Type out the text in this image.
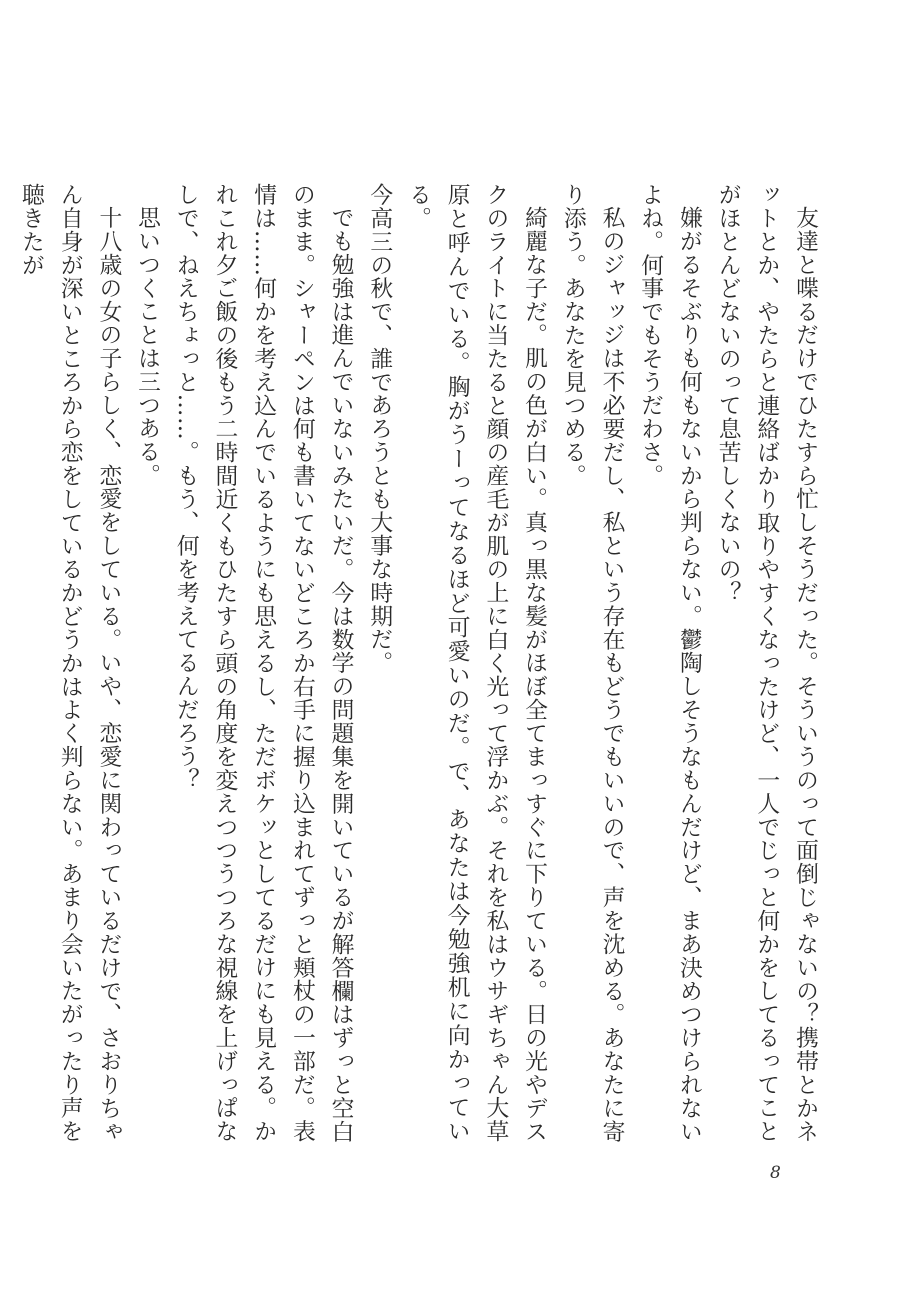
友達と喋るだけでひたすら忙しそうだった。そういうのって面倒じゃないの？携帯とかネットとか、やたらと連絡ばかり取りやすくなったけど、一人でじっと何かをしてるってことがほとんどないのって息苦しくないの？

嫌がるそぶりも何もないから判らない。鬱陶しそうなもんだけど、まあ決めつけられないよね。何事でもそうだわさ。

私のジャッジは不必要だし、私という存在もどうでもいいので、声を沈める。あなたに寄り添う。あなたを見つめる。

綺麗な子だ。肌の色が白い。真っ黒な髪がほぼ全てまっすぐに下りている。日の光やデスクのライトに当たると顔の産毛が肌の上に白く光って浮かぶ。それを私はウサギちゃん大草原と呼んでいる。胸がうーってなるほど可愛いのだ。で、あなたは今勉強机に向かっている。

今高三の秋で、誰であろうとも大事な時期だ。

でも勉強は進んでいないみたいだ。今は数学の問題集を開いているが解答欄はずっと空白のまま。シャーペンは何も書いてないどころか右手に握り込まれてずっと頬杖の一部だ。表情は……何かを考え込んでいるようにも思えるし、ただボケッとしてるだけにも見える。かれこれ夕ご飯の後もう二時間近くもひたすら頭の角度を変えつつうつろな視線を上げっぱなしで、ねえちょっと……。もう、何を考えてるんだろう？

思いつくことは三つある。

十八歳の女の子らしく、恋愛をしている。いや、恋愛に関わっているだけで、さおりちゃん自身が深いところから恋をしているかどうかはよく判らない。あまり会いたがったり声を聴きたが

8
